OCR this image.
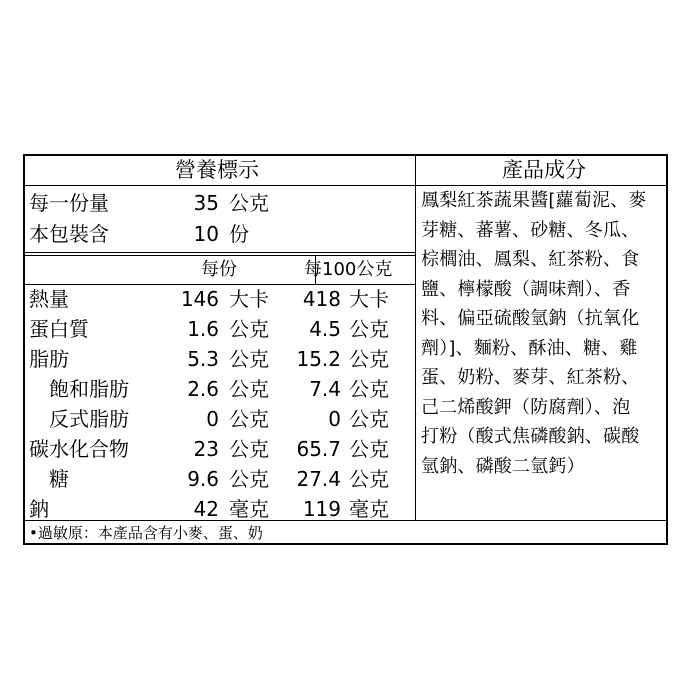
營養標示	產品成分
每一份量	35 公克
本包裝含	10 份
每份	每100公克
熱量	146 大卡	418 大卡
蛋白質	1.6 公克	4.5 公克
脂肪	5.3 公克	15.2 公克
飽和脂肪	2.6 公克	7.4 公克
反式脂肪	0 公克	0 公克
碳水化合物	23 公克	65.7 公克
糖	9.6 公克	27.4 公克
鈉	42 毫克	119 毫克
鳳梨紅茶蔬果醬[蘿蔔泥、麥
芽糖、蕃薯、砂糖、冬瓜、
棕櫚油、鳳梨、紅茶粉、食
鹽、檸檬酸（調味劑）、香
料、偏亞硫酸氫鈉（抗氧化
劑）]、麵粉、酥油、糖、雞
蛋、奶粉、麥芽、紅茶粉、
己二烯酸鉀（防腐劑）、泡
打粉（酸式焦磷酸鈉、碳酸
氫鈉、磷酸二氫鈣）
•過敏原：本產品含有小麥、蛋、奶
